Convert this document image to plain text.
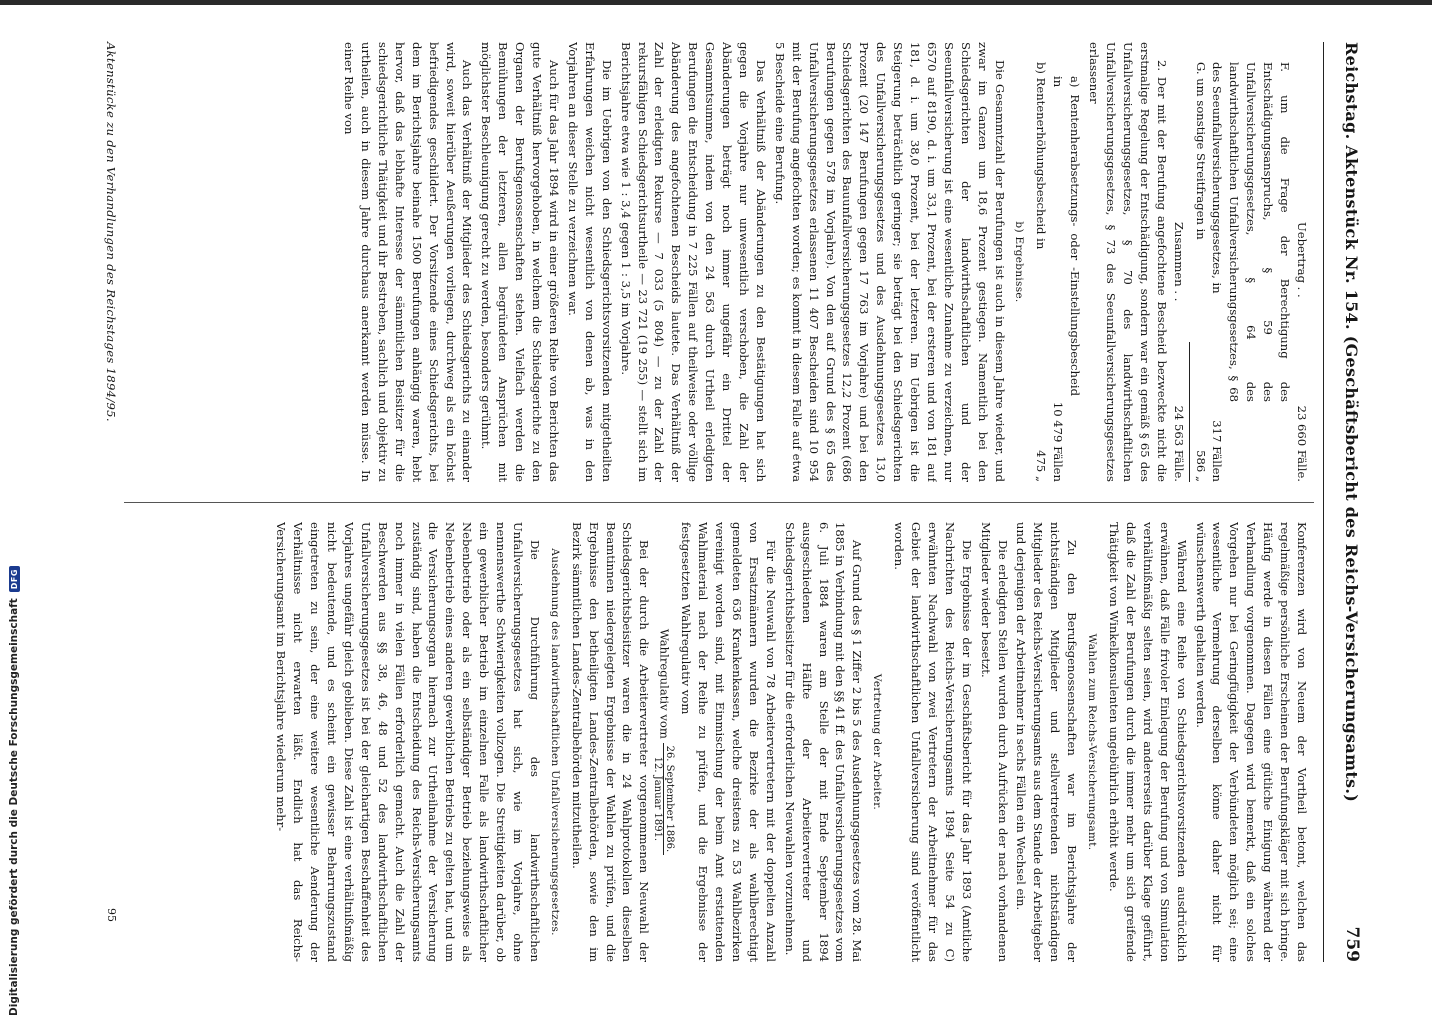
Digitalisierung gefördert durch die Deutsche Forschungsgemeinschaft
DFG	Reichstag. Aktenstück Nr. 154. (Geschäftsbericht des Reichs-Versicherungsamts.)
759
Uebertrag . .
23 660 Fälle.
F. um die Frage der Berechtigung des Entschädigungsanspruchs, § 59 des Unfallversicherungsgesetzes, § 64 des landwirthschaftlichen Unfallversicherungsgesetzes, § 68 des Seeunfallversicherungsgesetzes, in
317 Fällen
G. um sonstige Streitfragen in
586 „
Zusammen . .
24 563 Fälle.

2. Der mit der Berufung angefochtene Bescheid bezweckte nicht die erstmalige Regelung der Entschädigung, sondern war ein gemäß § 65 des Unfallversicherungsgesetzes, § 70 des landwirthschaftlichen Unfallversicherungsgesetzes, § 73 des Seeunfallversicherungsgesetzes erlassener

a) Rentenherabsetzungs- oder -Einstellungsbescheid in
10 479 Fällen
b) Rentenerhöhungsbescheid in
475 „
b) Ergebnisse.

Die Gesammtzahl der Berufungen ist auch in diesem Jahre wieder, und zwar im Ganzen um 18,6 Prozent gestiegen. Namentlich bei den Schiedsgerichten der landwirthschaftlichen und der Seeunfallversicherung ist eine wesentliche Zunahme zu verzeichnen, nur 6570 auf 8190, d. i. um 33,1 Prozent, bei der ersteren und von 181 auf 181, d. i. um 38,0 Prozent, bei der letzteren. Im Uebrigen ist die Steigerung beträchtlich geringer; sie beträgt bei den Schiedsgerichten des Unfallversicherungsgesetzes und des Ausdehnungsgesetzes 13,0 Prozent (20 147 Berufungen gegen 17 763 im Vorjahre) und bei den Schiedsgerichten des Bauunfallversicherungsgesetzes 12,2 Prozent (686 Berufungen gegen 578 im Vorjahre). Von den auf Grund des § 65 des Unfallversicherungsgesetzes erlassenen 11 407 Bescheiden sind 10 954 mit der Berufung angefochten worden; es kommt in diesem Falle auf etwa 5 Bescheide eine Berufung.

Das Verhältniß der Abänderungen zu den Bestätigungen hat sich gegen die Vorjahre nur unwesentlich verschoben, die Zahl der Abänderungen beträgt noch immer ungefähr ein Drittel der Gesammtsumme, indem von den 24 563 durch Urtheil erledigten Berufungen die Entscheidung in 7 225 Fällen auf theilweise oder völlige Abänderung des angefochtenen Bescheids lautete. Das Verhältniß der Zahl der erledigten Rekurse — 7 033 (5 804) — zu der Zahl der rekursfähigen Schiedsgerichtsurtheile — 23 721 (19 255) — stellt sich im Berichtsjahre etwa wie 1 : 3,4 gegen 1 : 3,5 im Vorjahre.

Die im Uebrigen von den Schiedsgerichtsvorsitzenden mitgetheilten Erfahrungen weichen nicht wesentlich von denen ab, was in den Vorjahren an dieser Stelle zu verzeichnen war.

Auch für das Jahr 1894 wird in einer größeren Reihe von Berichten das gute Verhältniß hervorgehoben, in welchem die Schiedsgerichte zu den Organen der Berufsgenossenschaften stehen. Vielfach werden die Bemühungen der letzteren, allen begründeten Ansprüchen mit möglichster Beschleunigung gerecht zu werden, besonders gerühmt.

Auch das Verhältniß der Mitglieder des Schiedsgerichts zu einander wird, soweit hierüber Aeußerungen vorliegen, durchweg als ein höchst befriedigendes geschildert. Der Vorsitzende eines Schiedsgerichts, bei dem im Berichtsjahre beinahe 1500 Berufungen anhängig waren, hebt hervor, daß das lebhafte Interesse der sämmtlichen Beisitzer für die schiedsgerichtliche Thätigkeit und ihr Bestreben, sachlich und objektiv zu urtheilen, auch in diesem Jahre durchaus anerkannt werden müsse. In einer Reihe von

Konferenzen wird von Neuem der Vortheil betont, welchen das regelmäßige persönliche Erscheinen der Berufungskläger mit sich bringe. Häufig werde in diesen Fällen eine gütliche Einigung während der Verhandlung vorgenommen. Dagegen wird bemerkt, daß ein solches Vorgehen nur bei Geringfügigkeit der Verbündeten möglich sei; eine wesentliche Vermehrung derselben könne daher nicht für wünschenswerth gehalten werden.

Während eine Reihe von Schiedsgerichtsvorsitzenden ausdrücklich erwähnen, daß Fälle frivoler Einlegung der Berufung und von Simulation verhältnißmäßig selten seien, wird andererseits darüber Klage geführt, daß die Zahl der Berufungen durch die immer mehr um sich greifende Thätigkeit von Winkelkonsulenten ungebührlich erhöht werde.

Wahlen zum Reichs-Versicherungsamt.

Zu den Berufsgenossenschaften war im Berichtsjahre der nichtständigen Mitglieder und stellvertretenden nichtständigen Mitglieder des Reichs-Versicherungsamts aus dem Stande der Arbeitgeber und derjenigen der Arbeitnehmer in sechs Fällen ein Wechsel ein.

Die erledigten Stellen wurden durch Aufrücken der nach vorhandenen Mitglieder wieder besetzt.

Die Ergebnisse der im Geschäftsbericht für das Jahr 1893 (Amtliche Nachrichten des Reichs-Versicherungsamts 1894 Seite 54 zu C) erwähnten Nachwahl von zwei Vertretern der Arbeitnehmer für das Gebiet der landwirthschaftlichen Unfallversicherung sind veröffentlicht worden.

Vertretung der Arbeiter.

Auf Grund des § 1 Ziffer 2 bis 5 des Ausdehnungsgesetzes vom 28. Mai 1885 in Verbindung mit den §§ 41 ff. des Unfallversicherungsgesetzes vom 6. Juli 1884 waren am Stelle der mit Ende September 1894 ausgeschiedenen Hälfte der Arbeitervertreter und Schiedsgerichtsbeisitzer für die erforderlichen Neuwahlen vorzunehmen.

Für die Neuwahl von 78 Arbeitervertretern mit der doppelten Anzahl von Ersatzmännern wurden die Bezirke der als wahlberechtigt gemeldeten 636 Krankenkassen, welche dreistens zu 53 Wahlbezirken vereinigt worden sind, mit Einmischung der beim Amt erstattenden Wahlmaterial nach der Reihe zu prüfen, und die Ergebnisse der festgesetzten Wahlregulativ vom

Wahlregulativ vom
26. September 1886.
12. Januar 1891.

Bei der durch die Arbeitervertreter vorgenommenen Neuwahl der Schiedsgerichtsbeisitzer waren die in 24 Wahlprotokollen dieselben Beamtinnen niedergelegten Ergebnisse der Wahlen zu prüfen, und die Ergebnisse den betheiligten Landes-Zentralbehörden, sowie den im Bezirk sämmtlichen Landes-Zentralbehörden mitzutheilen.

Ausdehnung des landwirthschaftlichen Unfallversicherungsgesetzes.

Die Durchführung des landwirthschaftlichen Unfallversicherungsgesetzes hat sich, wie im Vorjahre, ohne nennenswerthe Schwierigkeiten vollzogen. Die Streitigkeiten darüber, ob ein gewerblicher Betrieb im einzelnen Falle als landwirthschaftlicher Nebenbetrieb oder als ein selbständiger Betrieb beziehungsweise als Nebenbetrieb eines anderen gewerblichen Betriebs zu gelten hat, und um die Versicherungsorgan hiernach zur Urtheilnahme der Versicherung zuständig sind, haben die Entscheidung des Reichs-Versicherungsamts noch immer in vielen Fällen erforderlich gemacht. Auch die Zahl der Beschwerden aus §§ 38, 46, 48 und 52 des landwirthschaftlichen Unfallversicherungsgesetzes ist bei der gleichartigen Beschaffenheit des Vorjahres ungefähr gleich geblieben. Diese Zahl ist eine verhältnißmäßig nicht bedeutende, und es scheint ein gewisser Beharrungszustand eingetreten zu sein, der eine weitere wesentliche Aenderung der Verhältnisse nicht erwarten läßt. Endlich hat das Reichs-Versicherungsamt im Berichtsjahre wiederum mehr-

Aktenstücke zu den Verhandlungen des Reichstages 1894/95.
95
